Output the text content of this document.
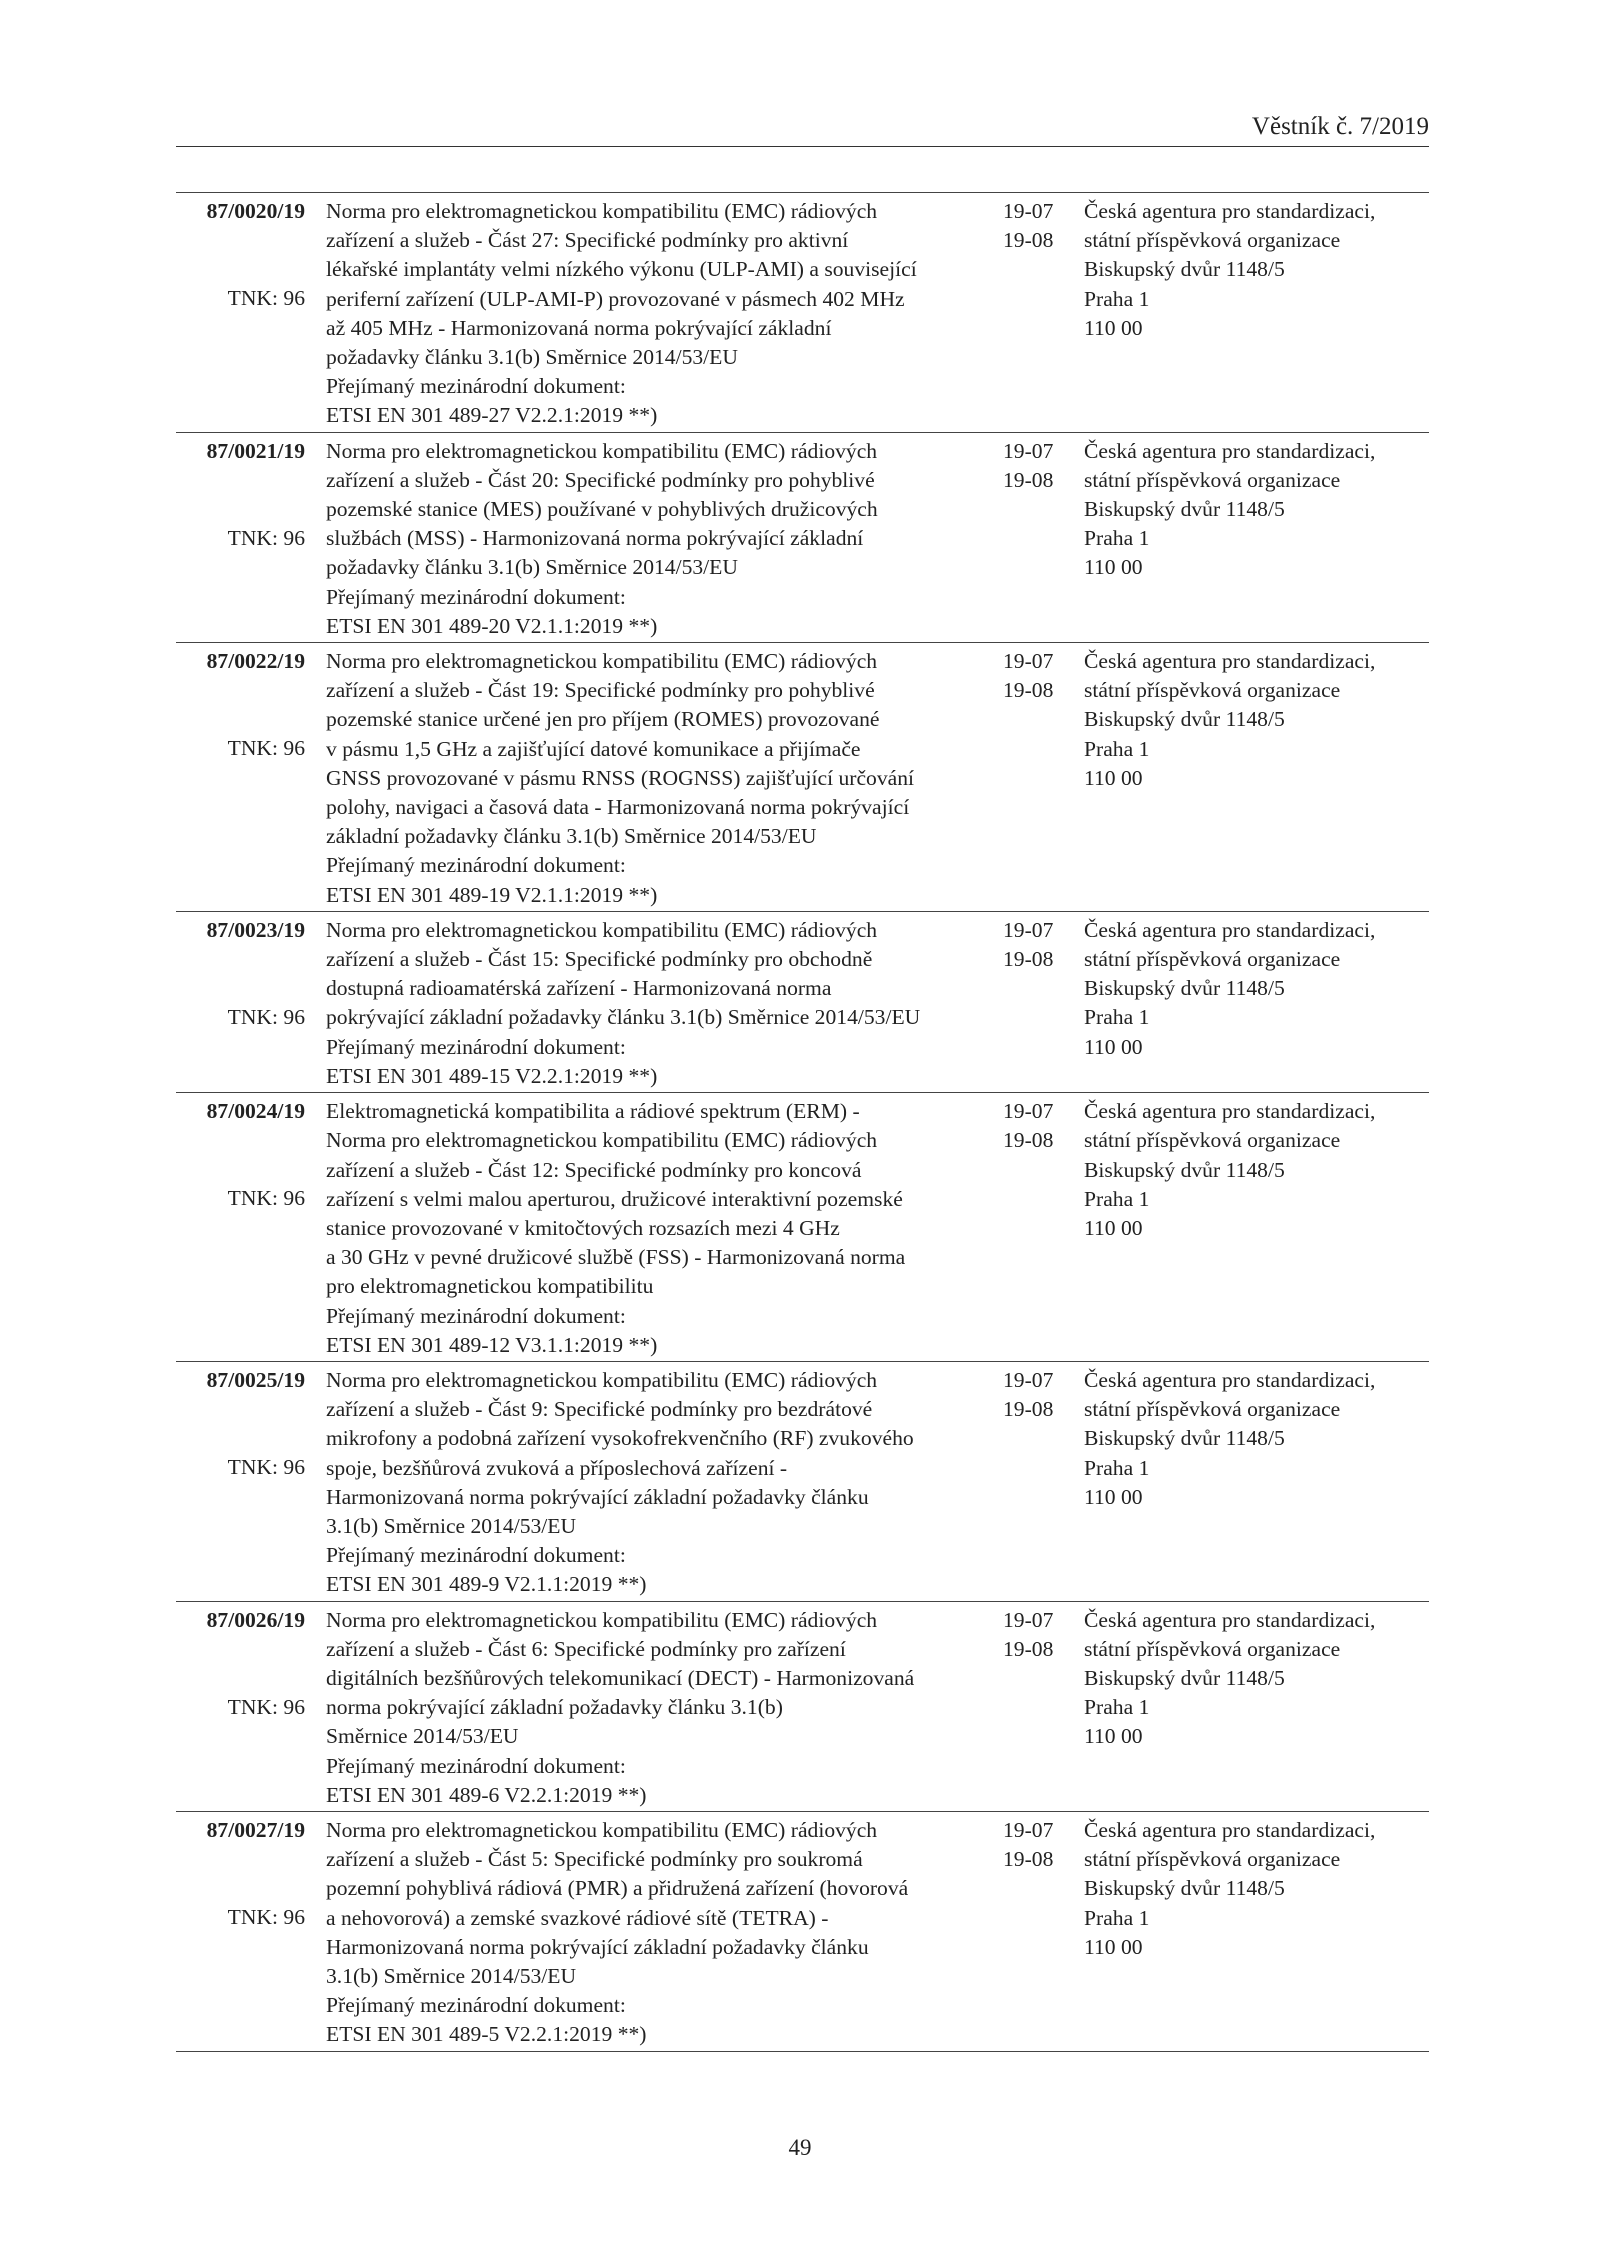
Věstník č. 7/2019
87/0020/19
TNK: 96
Norma pro elektromagnetickou kompatibilitu (EMC) rádiových
zařízení a služeb - Část 27: Specifické podmínky pro aktivní
lékařské implantáty velmi nízkého výkonu (ULP-AMI) a související
periferní zařízení (ULP-AMI-P) provozované v pásmech 402 MHz
až 405 MHz - Harmonizovaná norma pokrývající základní
požadavky článku 3.1(b) Směrnice 2014/53/EU
Přejímaný mezinárodní dokument:
ETSI EN 301 489-27 V2.2.1:2019 **)
19-07
19-08
Česká agentura pro standardizaci,
státní příspěvková organizace
Biskupský dvůr 1148/5
Praha 1
110 00
87/0021/19
TNK: 96
Norma pro elektromagnetickou kompatibilitu (EMC) rádiových
zařízení a služeb - Část 20: Specifické podmínky pro pohyblivé
pozemské stanice (MES) používané v pohyblivých družicových
službách (MSS) - Harmonizovaná norma pokrývající základní
požadavky článku 3.1(b) Směrnice 2014/53/EU
Přejímaný mezinárodní dokument:
ETSI EN 301 489-20 V2.1.1:2019 **)
19-07
19-08
Česká agentura pro standardizaci,
státní příspěvková organizace
Biskupský dvůr 1148/5
Praha 1
110 00
87/0022/19
TNK: 96
Norma pro elektromagnetickou kompatibilitu (EMC) rádiových
zařízení a služeb - Část 19: Specifické podmínky pro pohyblivé
pozemské stanice určené jen pro příjem (ROMES) provozované
v pásmu 1,5 GHz a zajišťující datové komunikace a přijímače
GNSS provozované v pásmu RNSS (ROGNSS) zajišťující určování
polohy, navigaci a časová data - Harmonizovaná norma pokrývající
základní požadavky článku 3.1(b) Směrnice 2014/53/EU
Přejímaný mezinárodní dokument:
ETSI EN 301 489-19 V2.1.1:2019 **)
19-07
19-08
Česká agentura pro standardizaci,
státní příspěvková organizace
Biskupský dvůr 1148/5
Praha 1
110 00
87/0023/19
TNK: 96
Norma pro elektromagnetickou kompatibilitu (EMC) rádiových
zařízení a služeb - Část 15: Specifické podmínky pro obchodně
dostupná radioamatérská zařízení - Harmonizovaná norma
pokrývající základní požadavky článku 3.1(b) Směrnice 2014/53/EU
Přejímaný mezinárodní dokument:
ETSI EN 301 489-15 V2.2.1:2019 **)
19-07
19-08
Česká agentura pro standardizaci,
státní příspěvková organizace
Biskupský dvůr 1148/5
Praha 1
110 00
87/0024/19
TNK: 96
Elektromagnetická kompatibilita a rádiové spektrum (ERM) -
Norma pro elektromagnetickou kompatibilitu (EMC) rádiových
zařízení a služeb - Část 12: Specifické podmínky pro koncová
zařízení s velmi malou aperturou, družicové interaktivní pozemské
stanice provozované v kmitočtových rozsazích mezi 4 GHz
a 30 GHz v pevné družicové službě (FSS) - Harmonizovaná norma
pro elektromagnetickou kompatibilitu
Přejímaný mezinárodní dokument:
ETSI EN 301 489-12 V3.1.1:2019 **)
19-07
19-08
Česká agentura pro standardizaci,
státní příspěvková organizace
Biskupský dvůr 1148/5
Praha 1
110 00
87/0025/19
TNK: 96
Norma pro elektromagnetickou kompatibilitu (EMC) rádiových
zařízení a služeb - Část 9: Specifické podmínky pro bezdrátové
mikrofony a podobná zařízení vysokofrekvenčního (RF) zvukového
spoje, bezšňůrová zvuková a příposlechová zařízení -
Harmonizovaná norma pokrývající základní požadavky článku
3.1(b) Směrnice 2014/53/EU
Přejímaný mezinárodní dokument:
ETSI EN 301 489-9 V2.1.1:2019 **)
19-07
19-08
Česká agentura pro standardizaci,
státní příspěvková organizace
Biskupský dvůr 1148/5
Praha 1
110 00
87/0026/19
TNK: 96
Norma pro elektromagnetickou kompatibilitu (EMC) rádiových
zařízení a služeb - Část 6: Specifické podmínky pro zařízení
digitálních bezšňůrových telekomunikací (DECT) - Harmonizovaná
norma pokrývající základní požadavky článku 3.1(b)
Směrnice 2014/53/EU
Přejímaný mezinárodní dokument:
ETSI EN 301 489-6 V2.2.1:2019 **)
19-07
19-08
Česká agentura pro standardizaci,
státní příspěvková organizace
Biskupský dvůr 1148/5
Praha 1
110 00
87/0027/19
TNK: 96
Norma pro elektromagnetickou kompatibilitu (EMC) rádiových
zařízení a služeb - Část 5: Specifické podmínky pro soukromá
pozemní pohyblivá rádiová (PMR) a přidružená zařízení (hovorová
a nehovorová) a zemské svazkové rádiové sítě (TETRA) -
Harmonizovaná norma pokrývající základní požadavky článku
3.1(b) Směrnice 2014/53/EU
Přejímaný mezinárodní dokument:
ETSI EN 301 489-5 V2.2.1:2019 **)
19-07
19-08
Česká agentura pro standardizaci,
státní příspěvková organizace
Biskupský dvůr 1148/5
Praha 1
110 00
49
